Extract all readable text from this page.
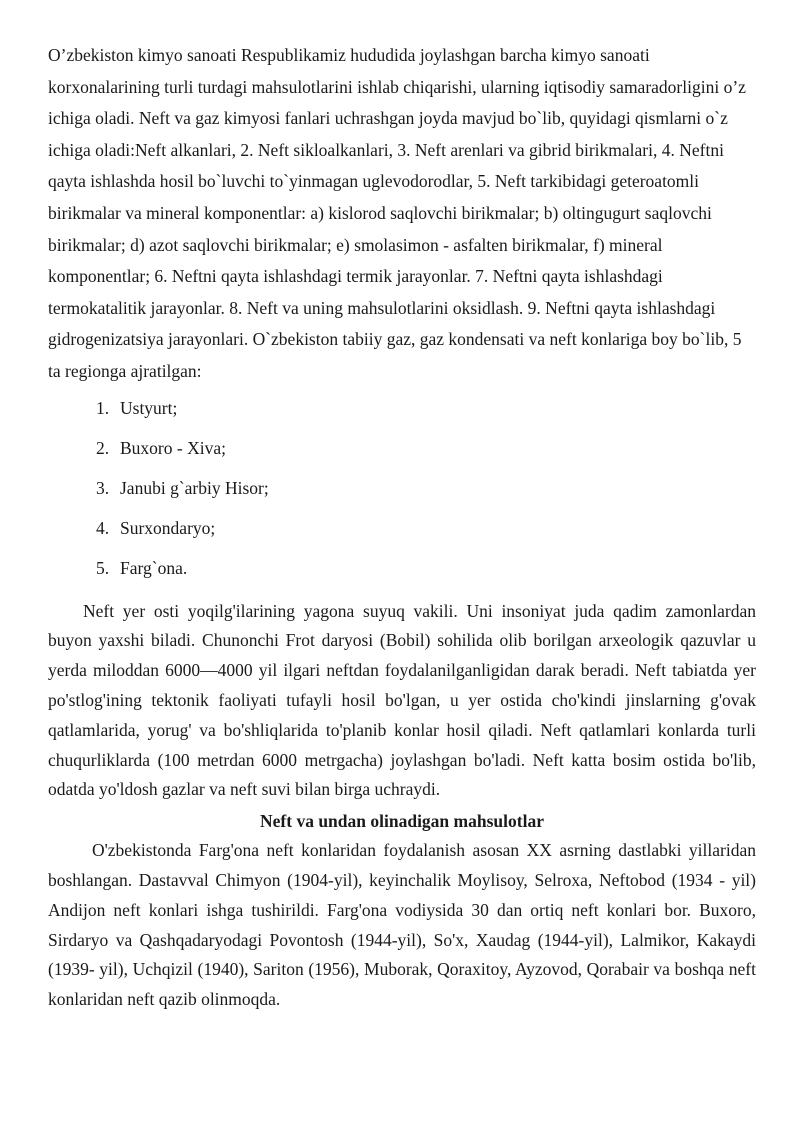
O’zbekiston kimyo sanoati Respublikamiz hududida joylashgan barcha kimyo sanoati korxonalarining turli turdagi mahsulotlarini ishlab chiqarishi, ularning iqtisodiy samaradorligini o’z ichiga oladi. Neft va gaz kimyosi fanlari uchrashgan joyda mavjud bo`lib, quyidagi qismlarni o`z ichiga oladi:Neft alkanlari, 2. Neft sikloalkanlari, 3. Neft arenlari va gibrid birikmalari, 4. Neftni qayta ishlashda hosil bo`luvchi to`yinmagan uglevodorodlar, 5. Neft tarkibidagi geteroatomli birikmalar va mineral komponentlar: a) kislorod saqlovchi birikmalar; b) oltingugurt saqlovchi birikmalar; d) azot saqlovchi birikmalar; e) smolasimon - asfalten birikmalar, f) mineral komponentlar; 6. Neftni qayta ishlashdagi termik jarayonlar. 7. Neftni qayta ishlashdagi termokatalitik jarayonlar. 8. Neft va uning mahsulotlarini oksidlash. 9. Neftni qayta ishlashdagi gidrogenizatsiya jarayonlari. O`zbekiston tabiiy gaz, gaz kondensati va neft konlariga boy bo`lib, 5 ta regionga ajratilgan:

1. Ustyurt;
2. Buxoro - Xiva;
3. Janubi g`arbiy Hisor;
4. Surxondaryo;
5. Farg`ona.

Neft yer osti yoqilg'ilarining yagona suyuq vakili. Uni insoniyat juda qadim zamonlardan buyon yaxshi biladi. Chunonchi Frot daryosi (Bobil) sohilida olib borilgan arxeologik qazuvlar u yerda miloddan 6000—4000 yil ilgari neftdan foydalanilganligidan darak beradi. Neft tabiatda yer po'stlog'ining tektonik faoliyati tufayli hosil bo'lgan, u yer ostida cho'kindi jinslarning g'ovak qatlamlarida, yorug' va bo'shliqlarida to'planib konlar hosil qiladi. Neft qatlamlari konlarda turli chuqurliklarda (100 metrdan 6000 metrgacha) joylashgan bo'ladi. Neft katta bosim ostida bo'lib, odatda yo'ldosh gazlar va neft suvi bilan birga uchraydi.

Neft va undan olinadigan mahsulotlar

O'zbekistonda Farg'ona neft konlaridan foydalanish asosan XX asrning dastlabki yillaridan boshlangan. Dastavval Chimyon (1904-yil), keyinchalik Moylisoy, Selroxa, Neftobod (1934 - yil) Andijon neft konlari ishga tushirildi. Farg'ona vodiysida 30 dan ortiq neft konlari bor. Buxoro, Sirdaryo va Qashqadaryodagi Povontosh (1944-yil), So'x, Xaudag (1944-yil), Lalmikor, Kakaydi (1939- yil), Uchqizil (1940), Sariton (1956), Muborak, Qoraxitoy, Ayzovod, Qorabair va boshqa neft konlaridan neft qazib olinmoqda.
